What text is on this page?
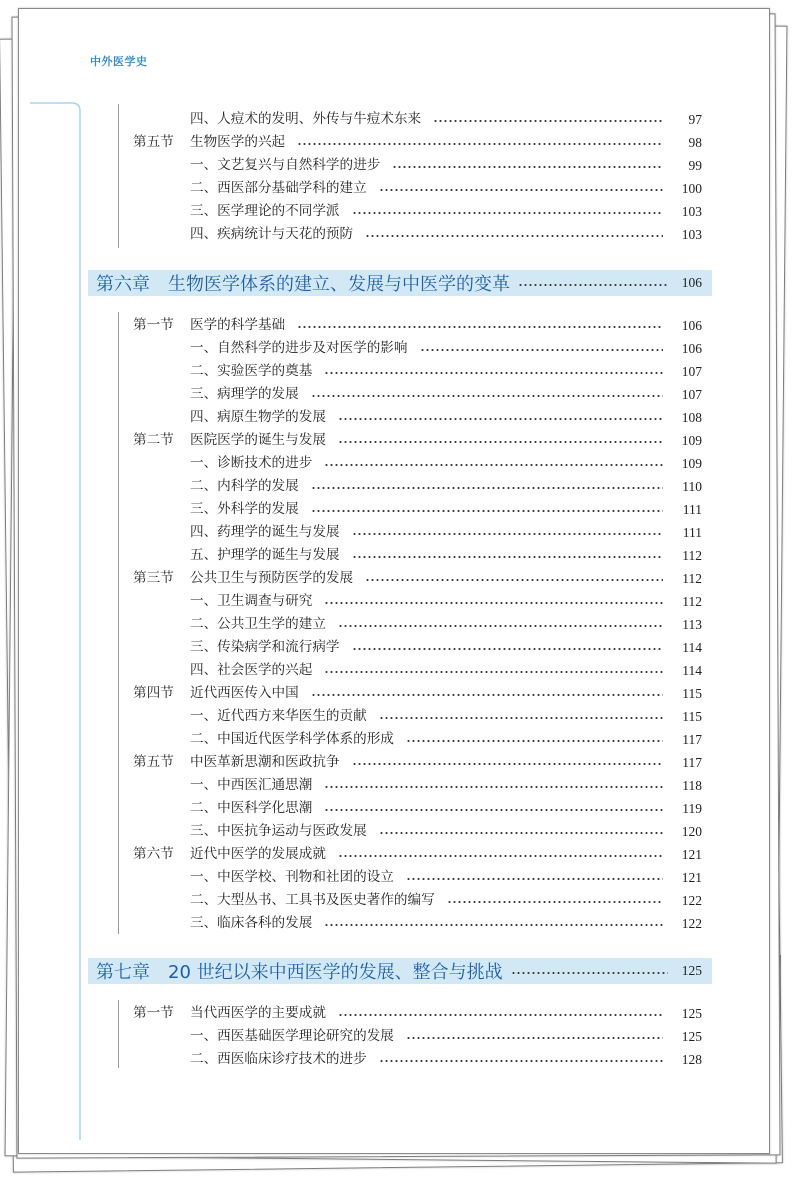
中外医学史
四、人痘术的发明、外传与牛痘术东来	97
第五节	生物医学的兴起	98
一、文艺复兴与自然科学的进步	99
二、西医部分基础学科的建立	100
三、医学理论的不同学派	103
四、疾病统计与天花的预防	103
第六章 生物医学体系的建立、发展与中医学的变革	106
第一节	医学的科学基础	106
一、自然科学的进步及对医学的影响	106
二、实验医学的奠基	107
三、病理学的发展	107
四、病原生物学的发展	108
第二节	医院医学的诞生与发展	109
一、诊断技术的进步	109
二、内科学的发展	110
三、外科学的发展	111
四、药理学的诞生与发展	111
五、护理学的诞生与发展	112
第三节	公共卫生与预防医学的发展	112
一、卫生调查与研究	112
二、公共卫生学的建立	113
三、传染病学和流行病学	114
四、社会医学的兴起	114
第四节	近代西医传入中国	115
一、近代西方来华医生的贡献	115
二、中国近代医学科学体系的形成	117
第五节	中医革新思潮和医政抗争	117
一、中西医汇通思潮	118
二、中医科学化思潮	119
三、中医抗争运动与医政发展	120
第六节	近代中医学的发展成就	121
一、中医学校、刊物和社团的设立	121
二、大型丛书、工具书及医史著作的编写	122
三、临床各科的发展	122
第七章 20 世纪以来中西医学的发展、整合与挑战	125
第一节	当代西医学的主要成就	125
一、西医基础医学理论研究的发展	125
二、西医临床诊疗技术的进步	128
